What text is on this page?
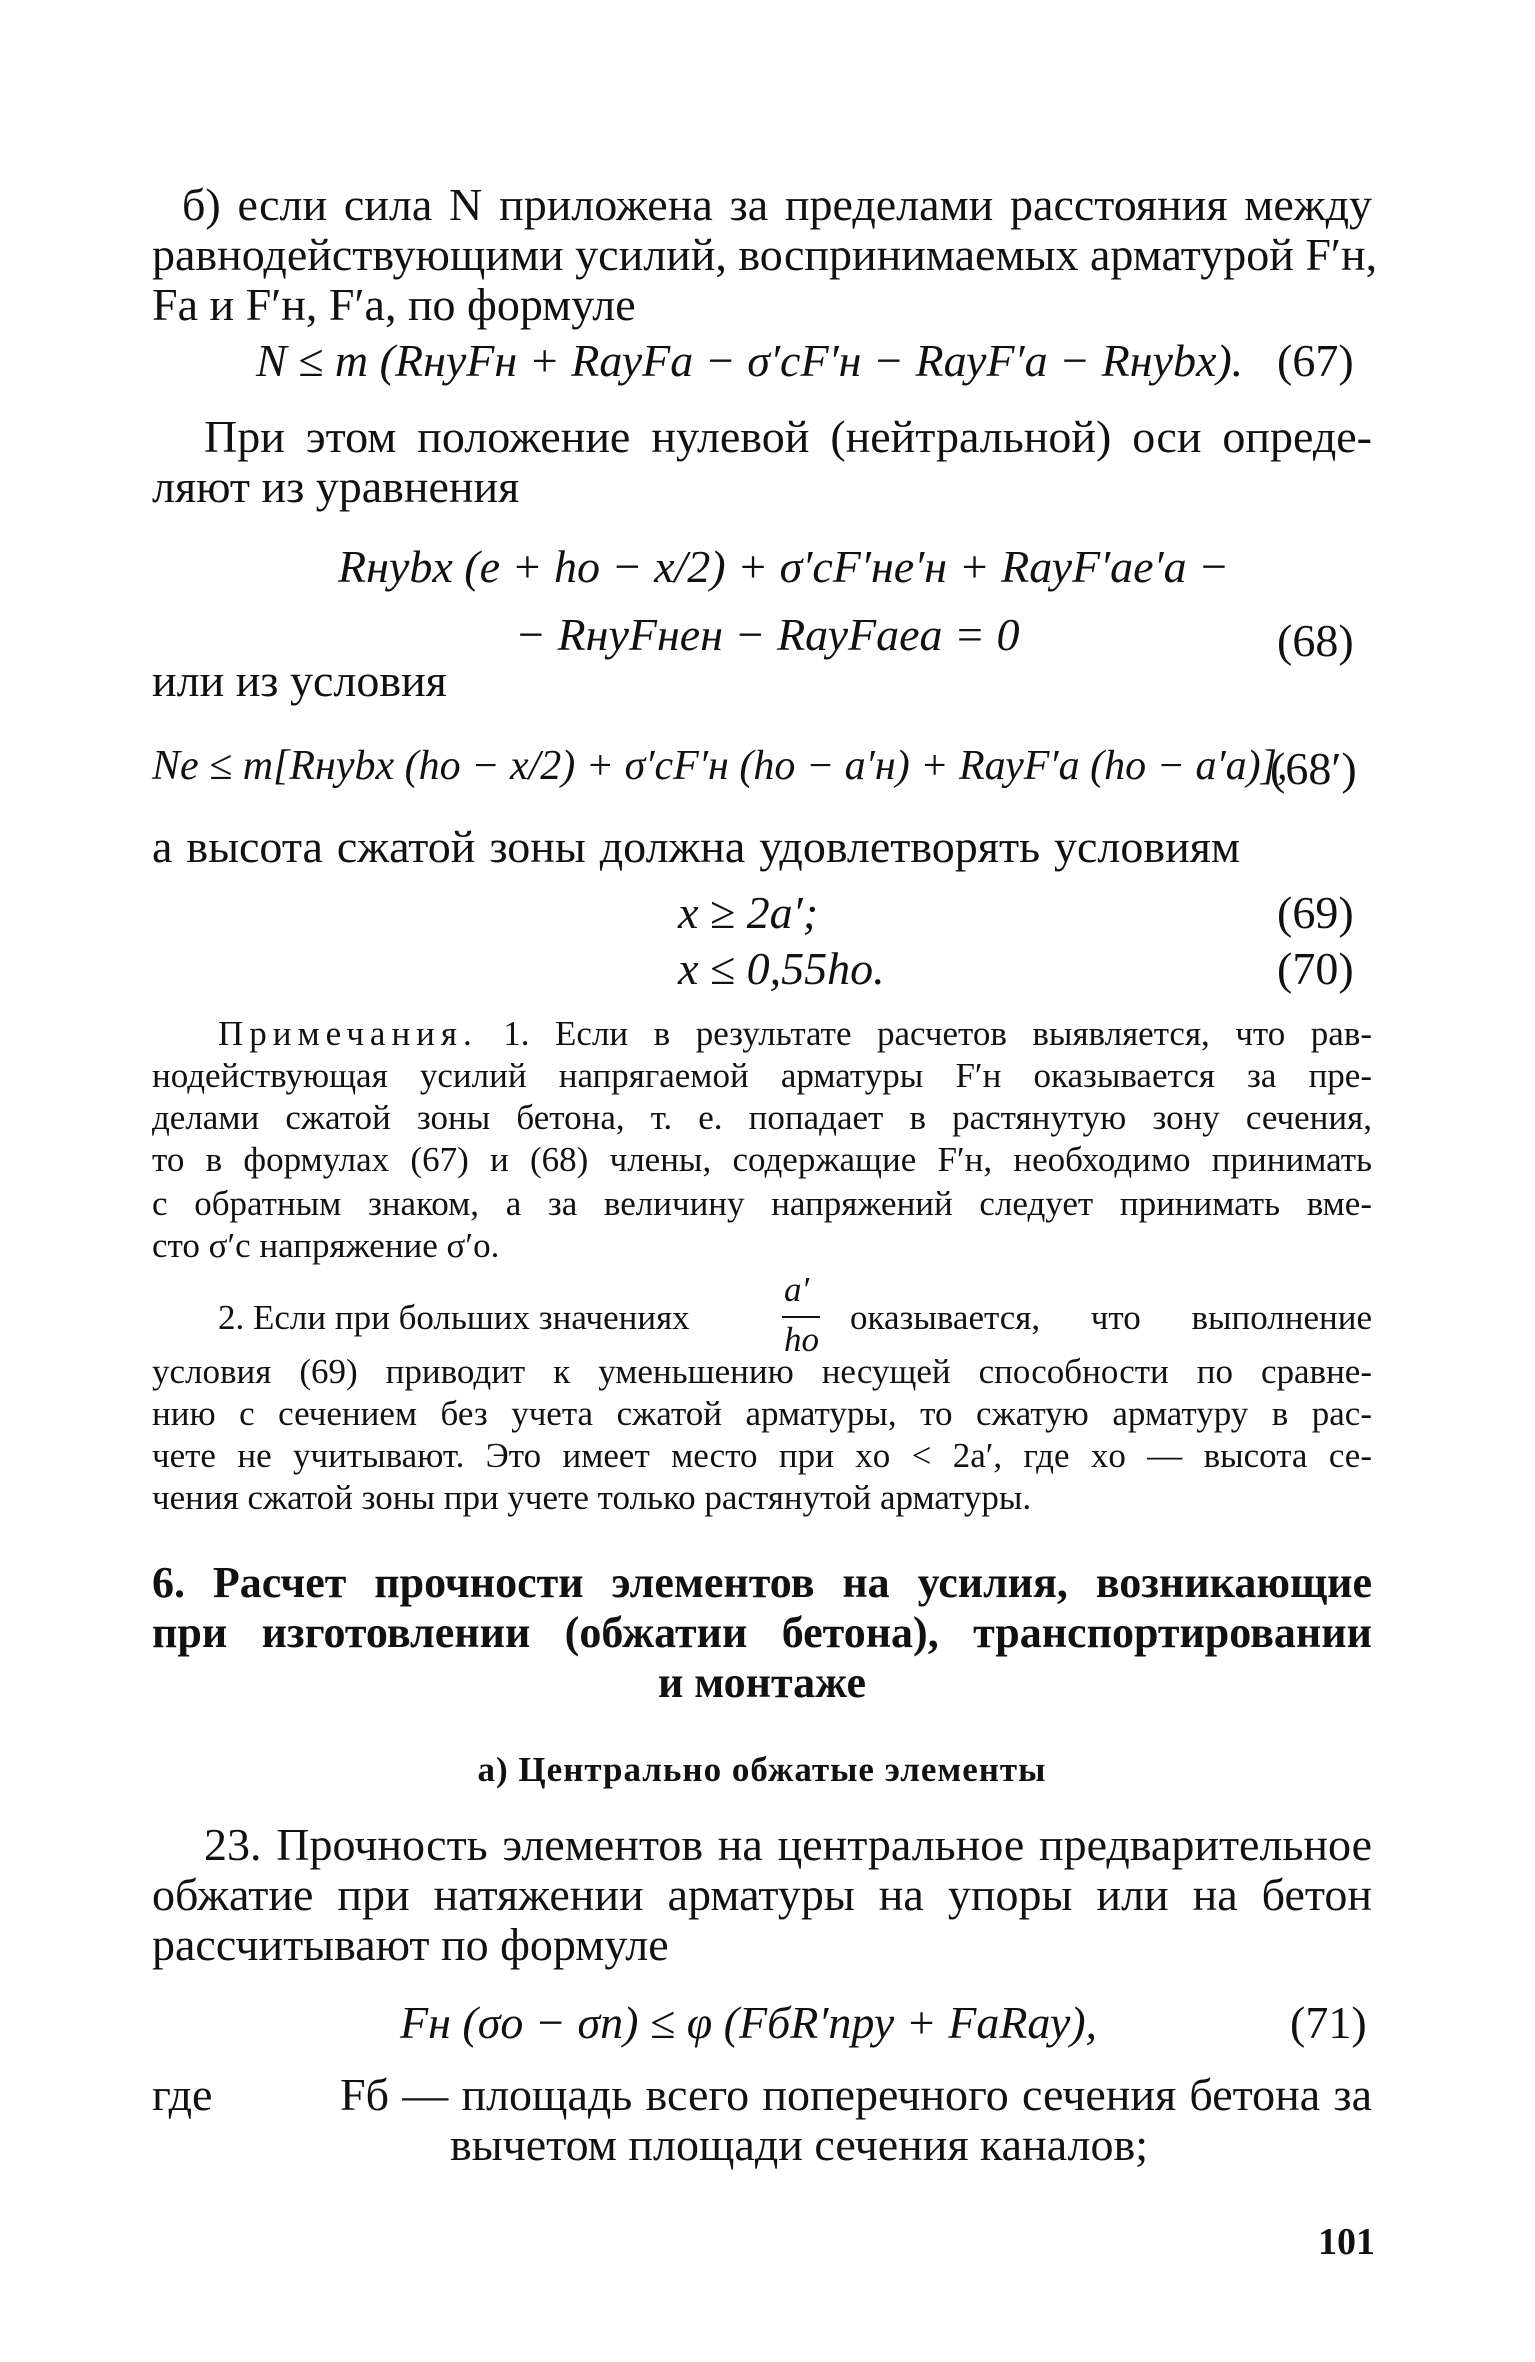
б) если сила N приложена за пределами расстояния между
равнодействующими усилий, воспринимаемых арматурой F′н,
Fа и F′н, F′а, по формуле
N ≤ m (RнуFн + RауFа − σ′сF′н − RауF′а − Rнуbx). (67)
При этом положение нулевой (нейтральной) оси опреде-
ляют из уравнения
Rнуbx (e + hо − x/2) + σ′сF′нe′н + RауF′аe′а −
− RнуFнeн − RауFаeа = 0	(68)
или из условия
Ne ≤ m[Rнуbx (hо − x/2) + σ′сF′н (hо − a′н) + RауF′а (hо − a′а)],
(68′)
а высота сжатой зоны должна удовлетворять условиям
x ≥ 2a′;	(69)
x ≤ 0,55hо.	(70)
Примечания. 1. Если в результате расчетов выявляется, что рав-
нодействующая усилий напрягаемой арматуры F′н оказывается за пре-
делами сжатой зоны бетона, т. е. попадает в растянутую зону сечения,
то в формулах (67) и (68) члены, содержащие F′н, необходимо принимать
с обратным знаком, а за величину напряжений следует принимать вме-
сто σ′с напряжение σ′о.
2. Если при больших значениях
a′
hо
оказывается, что выполнение
условия (69) приводит к уменьшению несущей способности по сравне-
нию с сечением без учета сжатой арматуры, то сжатую арматуру в рас-
чете не учитывают. Это имеет место при xо < 2a′, где xо — высота се-
чения сжатой зоны при учете только растянутой арматуры.
6. Расчет прочности элементов на усилия, возникающие
при изготовлении (обжатии бетона), транспортировании
и монтаже
а) Центрально обжатые элементы
23. Прочность элементов на центральное предварительное
обжатие при натяжении арматуры на упоры или на бетон
рассчитывают по формуле
Fн (σо − σп) ≤ φ (FбR′пру + FаRау),	(71)
где	Fб — площадь всего поперечного сечения бетона за
вычетом площади сечения каналов;
101
